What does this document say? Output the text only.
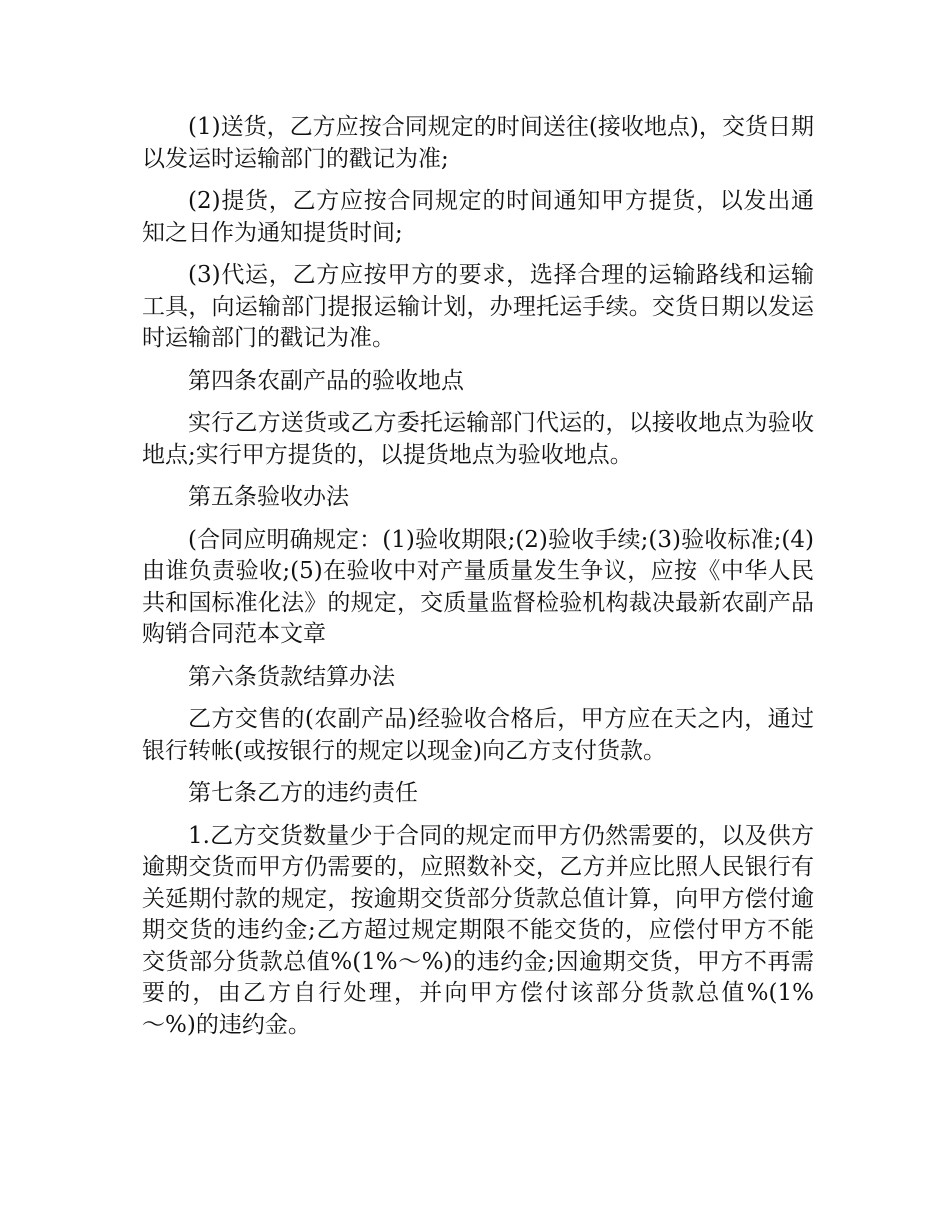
(1)送货，乙方应按合同规定的时间送往(接收地点)，交货日期以发运时运输部门的戳记为准;

(2)提货，乙方应按合同规定的时间通知甲方提货，以发出通知之日作为通知提货时间;

(3)代运，乙方应按甲方的要求，选择合理的运输路线和运输工具，向运输部门提报运输计划，办理托运手续。交货日期以发运时运输部门的戳记为准。

第四条农副产品的验收地点

实行乙方送货或乙方委托运输部门代运的，以接收地点为验收地点;实行甲方提货的，以提货地点为验收地点。

第五条验收办法

(合同应明确规定：(1)验收期限;(2)验收手续;(3)验收标准;(4)由谁负责验收;(5)在验收中对产量质量发生争议，应按《中华人民共和国标准化法》的规定，交质量监督检验机构裁决最新农副产品购销合同范本文章

第六条货款结算办法

乙方交售的(农副产品)经验收合格后，甲方应在天之内，通过银行转帐(或按银行的规定以现金)向乙方支付货款。

第七条乙方的违约责任

1.乙方交货数量少于合同的规定而甲方仍然需要的，以及供方逾期交货而甲方仍需要的，应照数补交，乙方并应比照人民银行有关延期付款的规定，按逾期交货部分货款总值计算，向甲方偿付逾期交货的违约金;乙方超过规定期限不能交货的，应偿付甲方不能交货部分货款总值%(1%～%)的违约金;因逾期交货，甲方不再需要的，由乙方自行处理，并向甲方偿付该部分货款总值%(1%～%)的违约金。
